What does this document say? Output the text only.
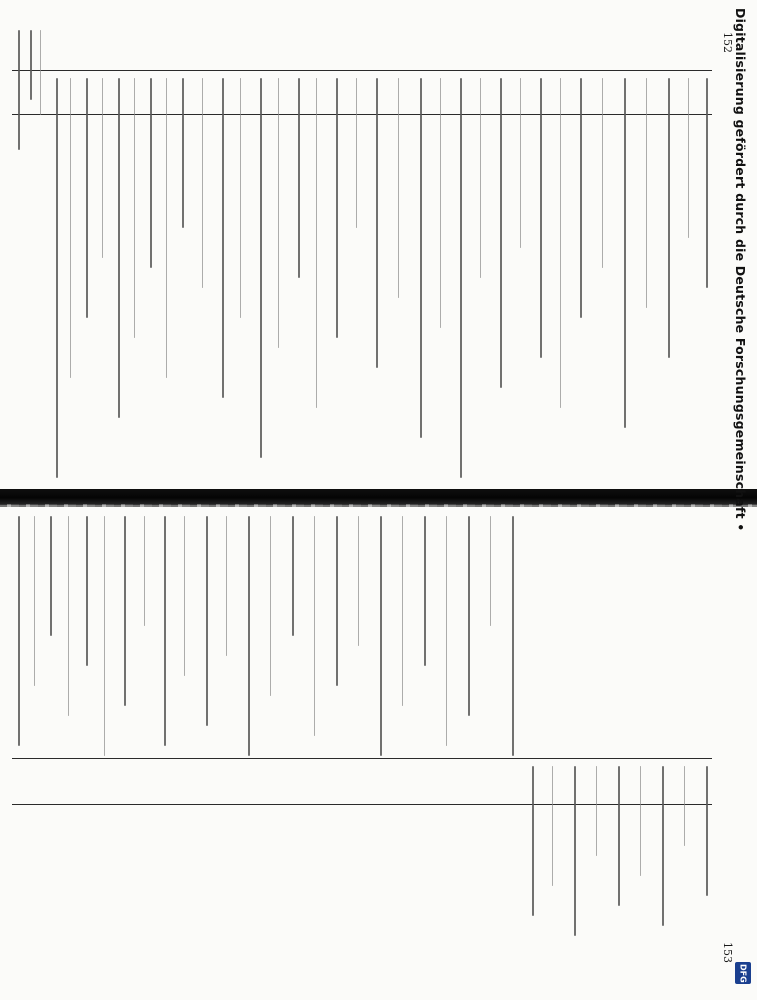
152
153
Digitalisierung gefördert durch die Deutsche Forschungsgemeinschaft •
DFG
